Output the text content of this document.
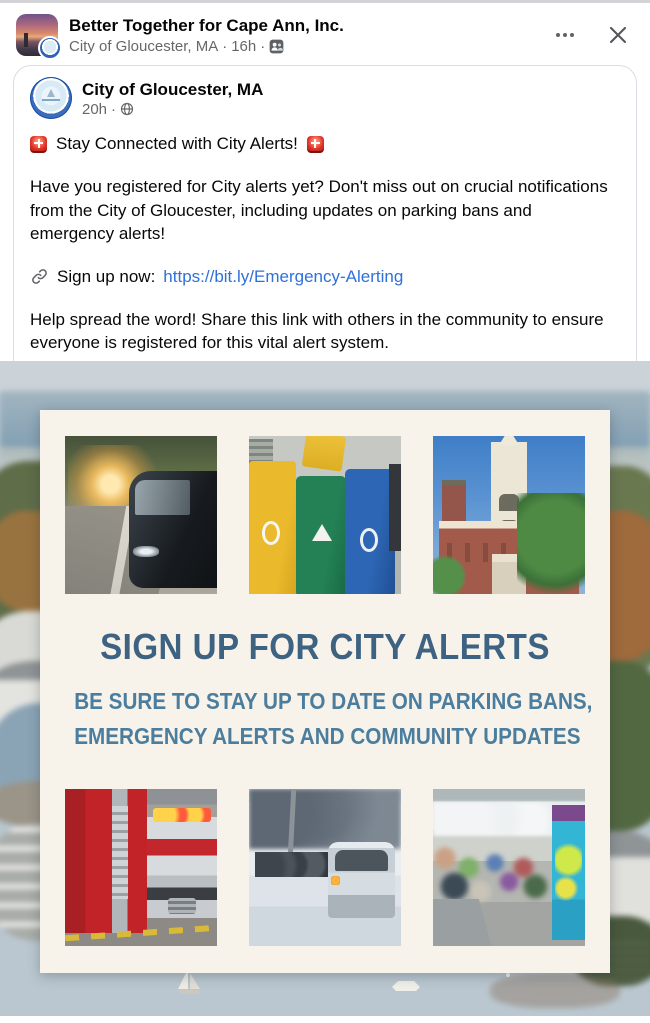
Better Together for Cape Ann, Inc.
City of Gloucester, MA · 16h ·
City of Gloucester, MA
20h ·
Stay Connected with City Alerts!

Have you registered for City alerts yet? Don't miss out on crucial notifications from the City of Gloucester, including updates on parking bans and emergency alerts!

Sign up now: https://bit.ly/Emergency-Alerting

Help spread the word! Share this link with others in the community to ensure everyone is registered for this vital alert system.

SIGN UP FOR CITY ALERTS
BE SURE TO STAY UP TO DATE ON PARKING BANS,
EMERGENCY ALERTS AND COMMUNITY UPDATES
